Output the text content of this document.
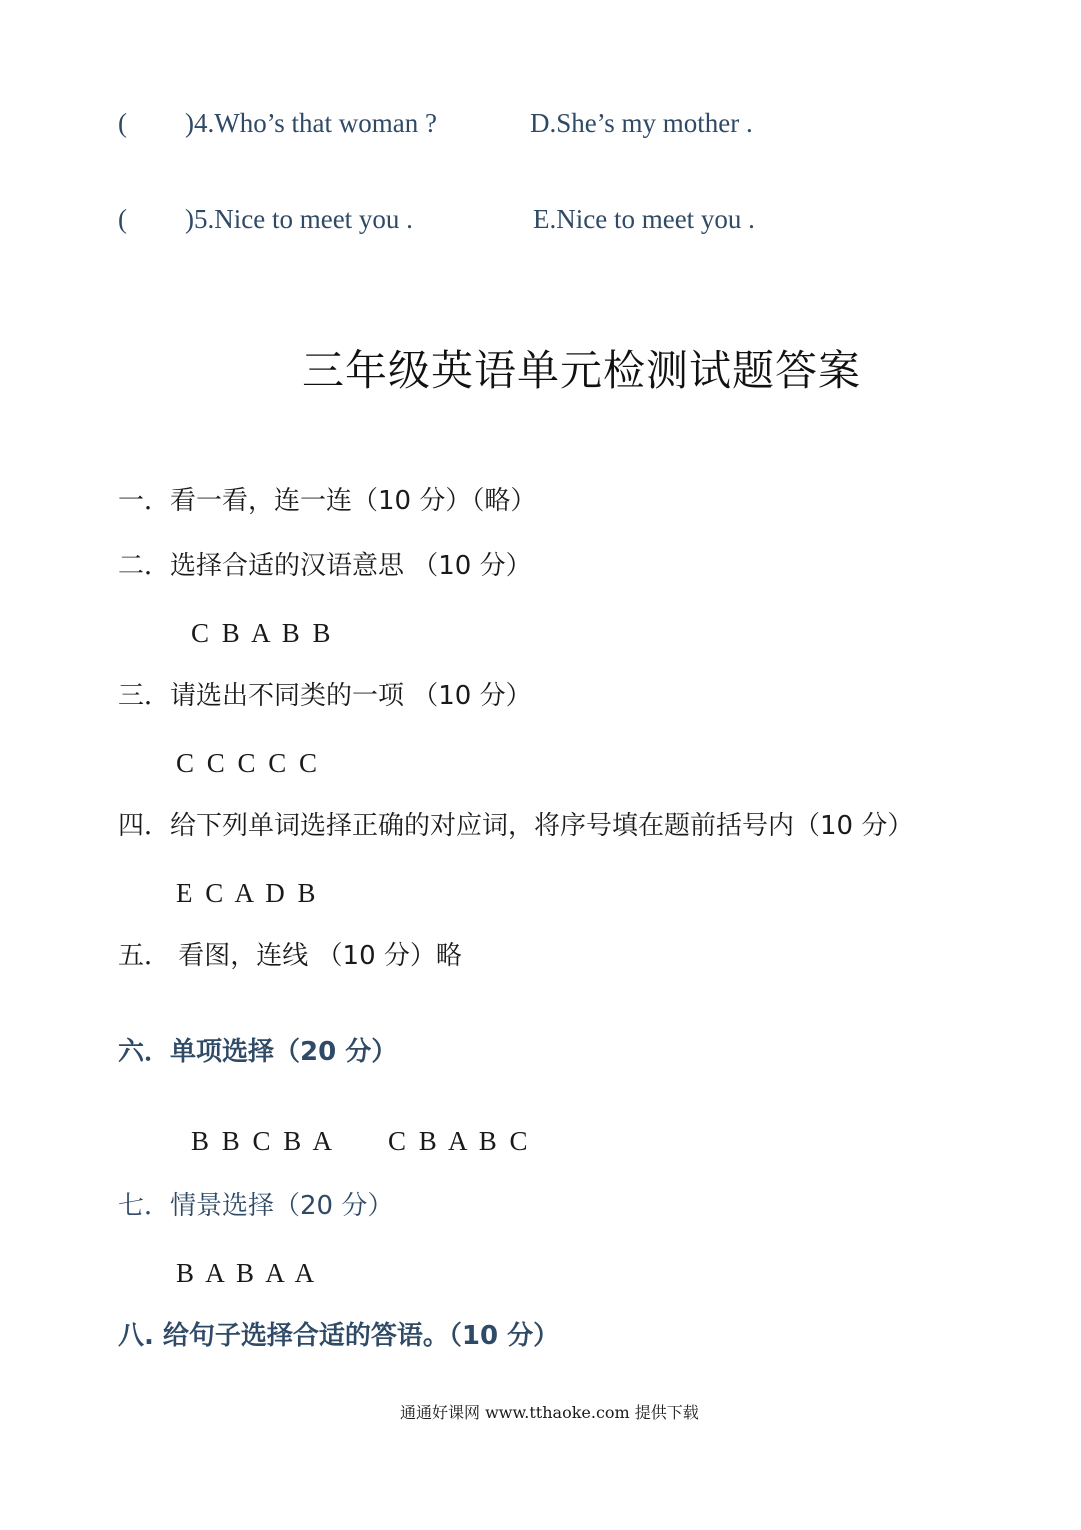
( )4.Who’s that woman ?	D.She’s my mother .
( )5.Nice to meet you .	E.Nice to meet you .
三年级英语单元检测试题答案
一．看一看，连一连（10 分）（略）
二．选择合适的汉语意思 （10 分）
C B A B B
三．请选出不同类的一项 （10 分）
C C C C C
四．给下列单词选择正确的对应词，将序号填在题前括号内（10 分）
E C A D B
五． 看图，连线 （10 分）略
六．单项选择（20 分）
B B C B A C B A B C
七．情景选择（20 分）
B A B A A
八. 给句子选择合适的答语。（10 分）
通通好课网 www.tthaoke.com 提供下载
